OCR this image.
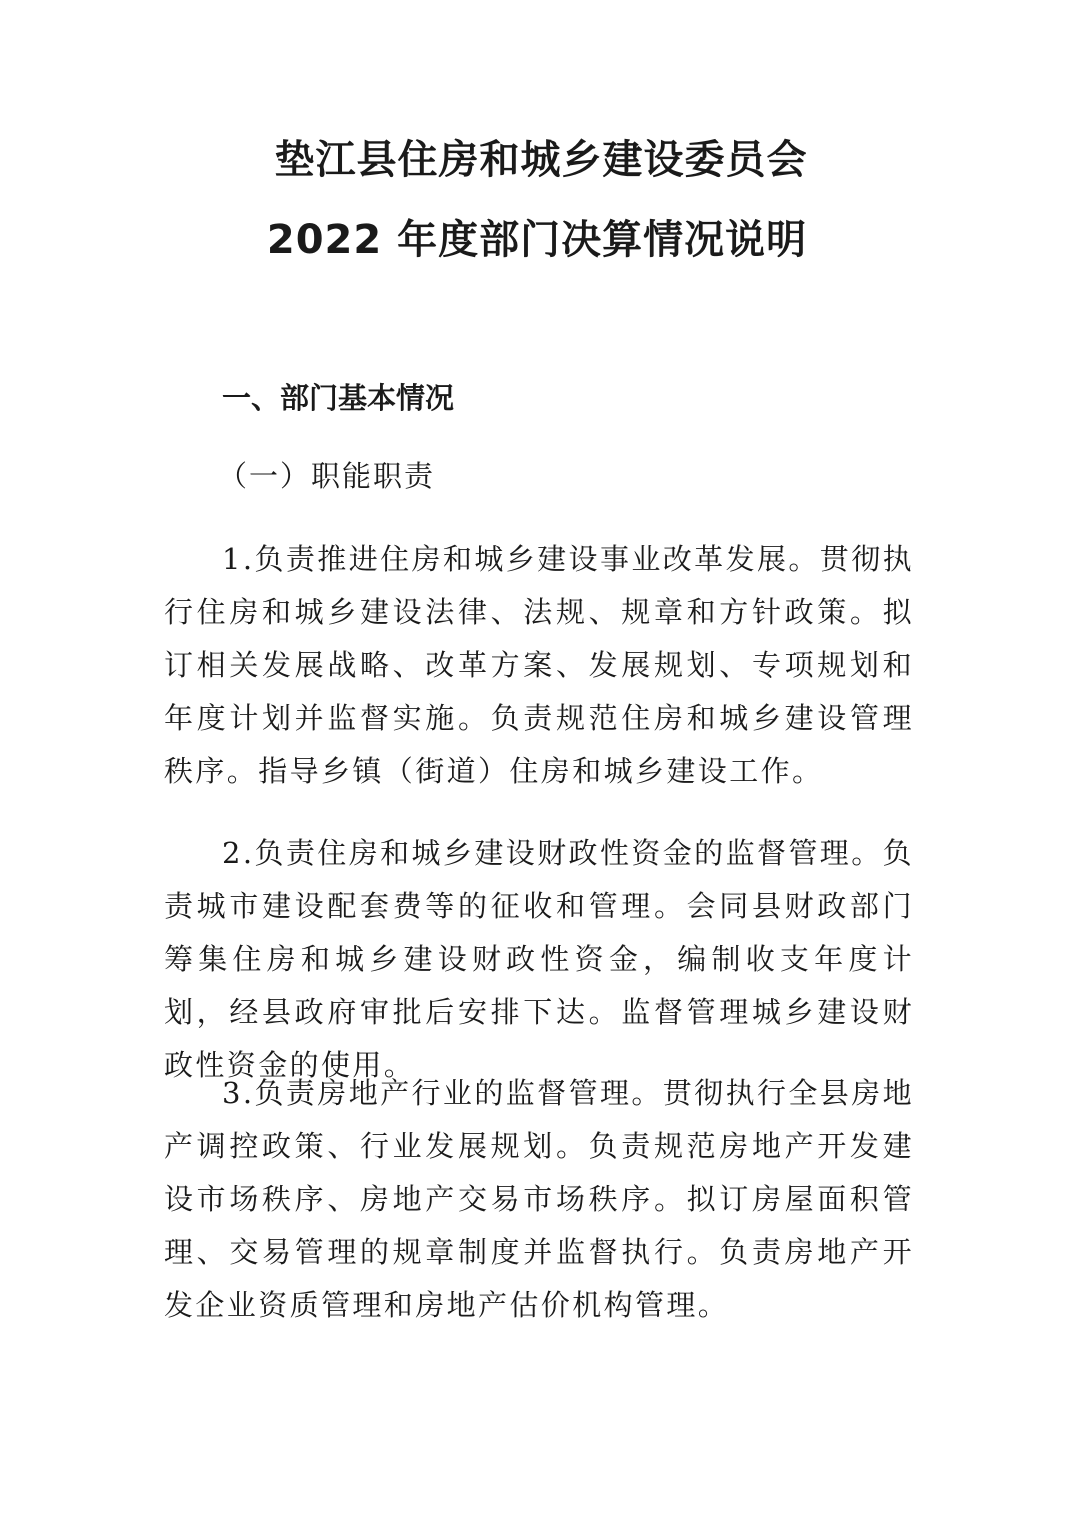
垫江县住房和城乡建设委员会
2022 年度部门决算情况说明
一、部门基本情况
（一）职能职责

1.负责推进住房和城乡建设事业改革发展。贯彻执行住房和城乡建设法律、法规、规章和方针政策。拟订相关发展战略、改革方案、发展规划、专项规划和年度计划并监督实施。负责规范住房和城乡建设管理秩序。指导乡镇（街道）住房和城乡建设工作。

2.负责住房和城乡建设财政性资金的监督管理。负责城市建设配套费等的征收和管理。会同县财政部门筹集住房和城乡建设财政性资金，编制收支年度计划，经县政府审批后安排下达。监督管理城乡建设财政性资金的使用。

3.负责房地产行业的监督管理。贯彻执行全县房地产调控政策、行业发展规划。负责规范房地产开发建设市场秩序、房地产交易市场秩序。拟订房屋面积管理、交易管理的规章制度并监督执行。负责房地产开发企业资质管理和房地产估价机构管理。
